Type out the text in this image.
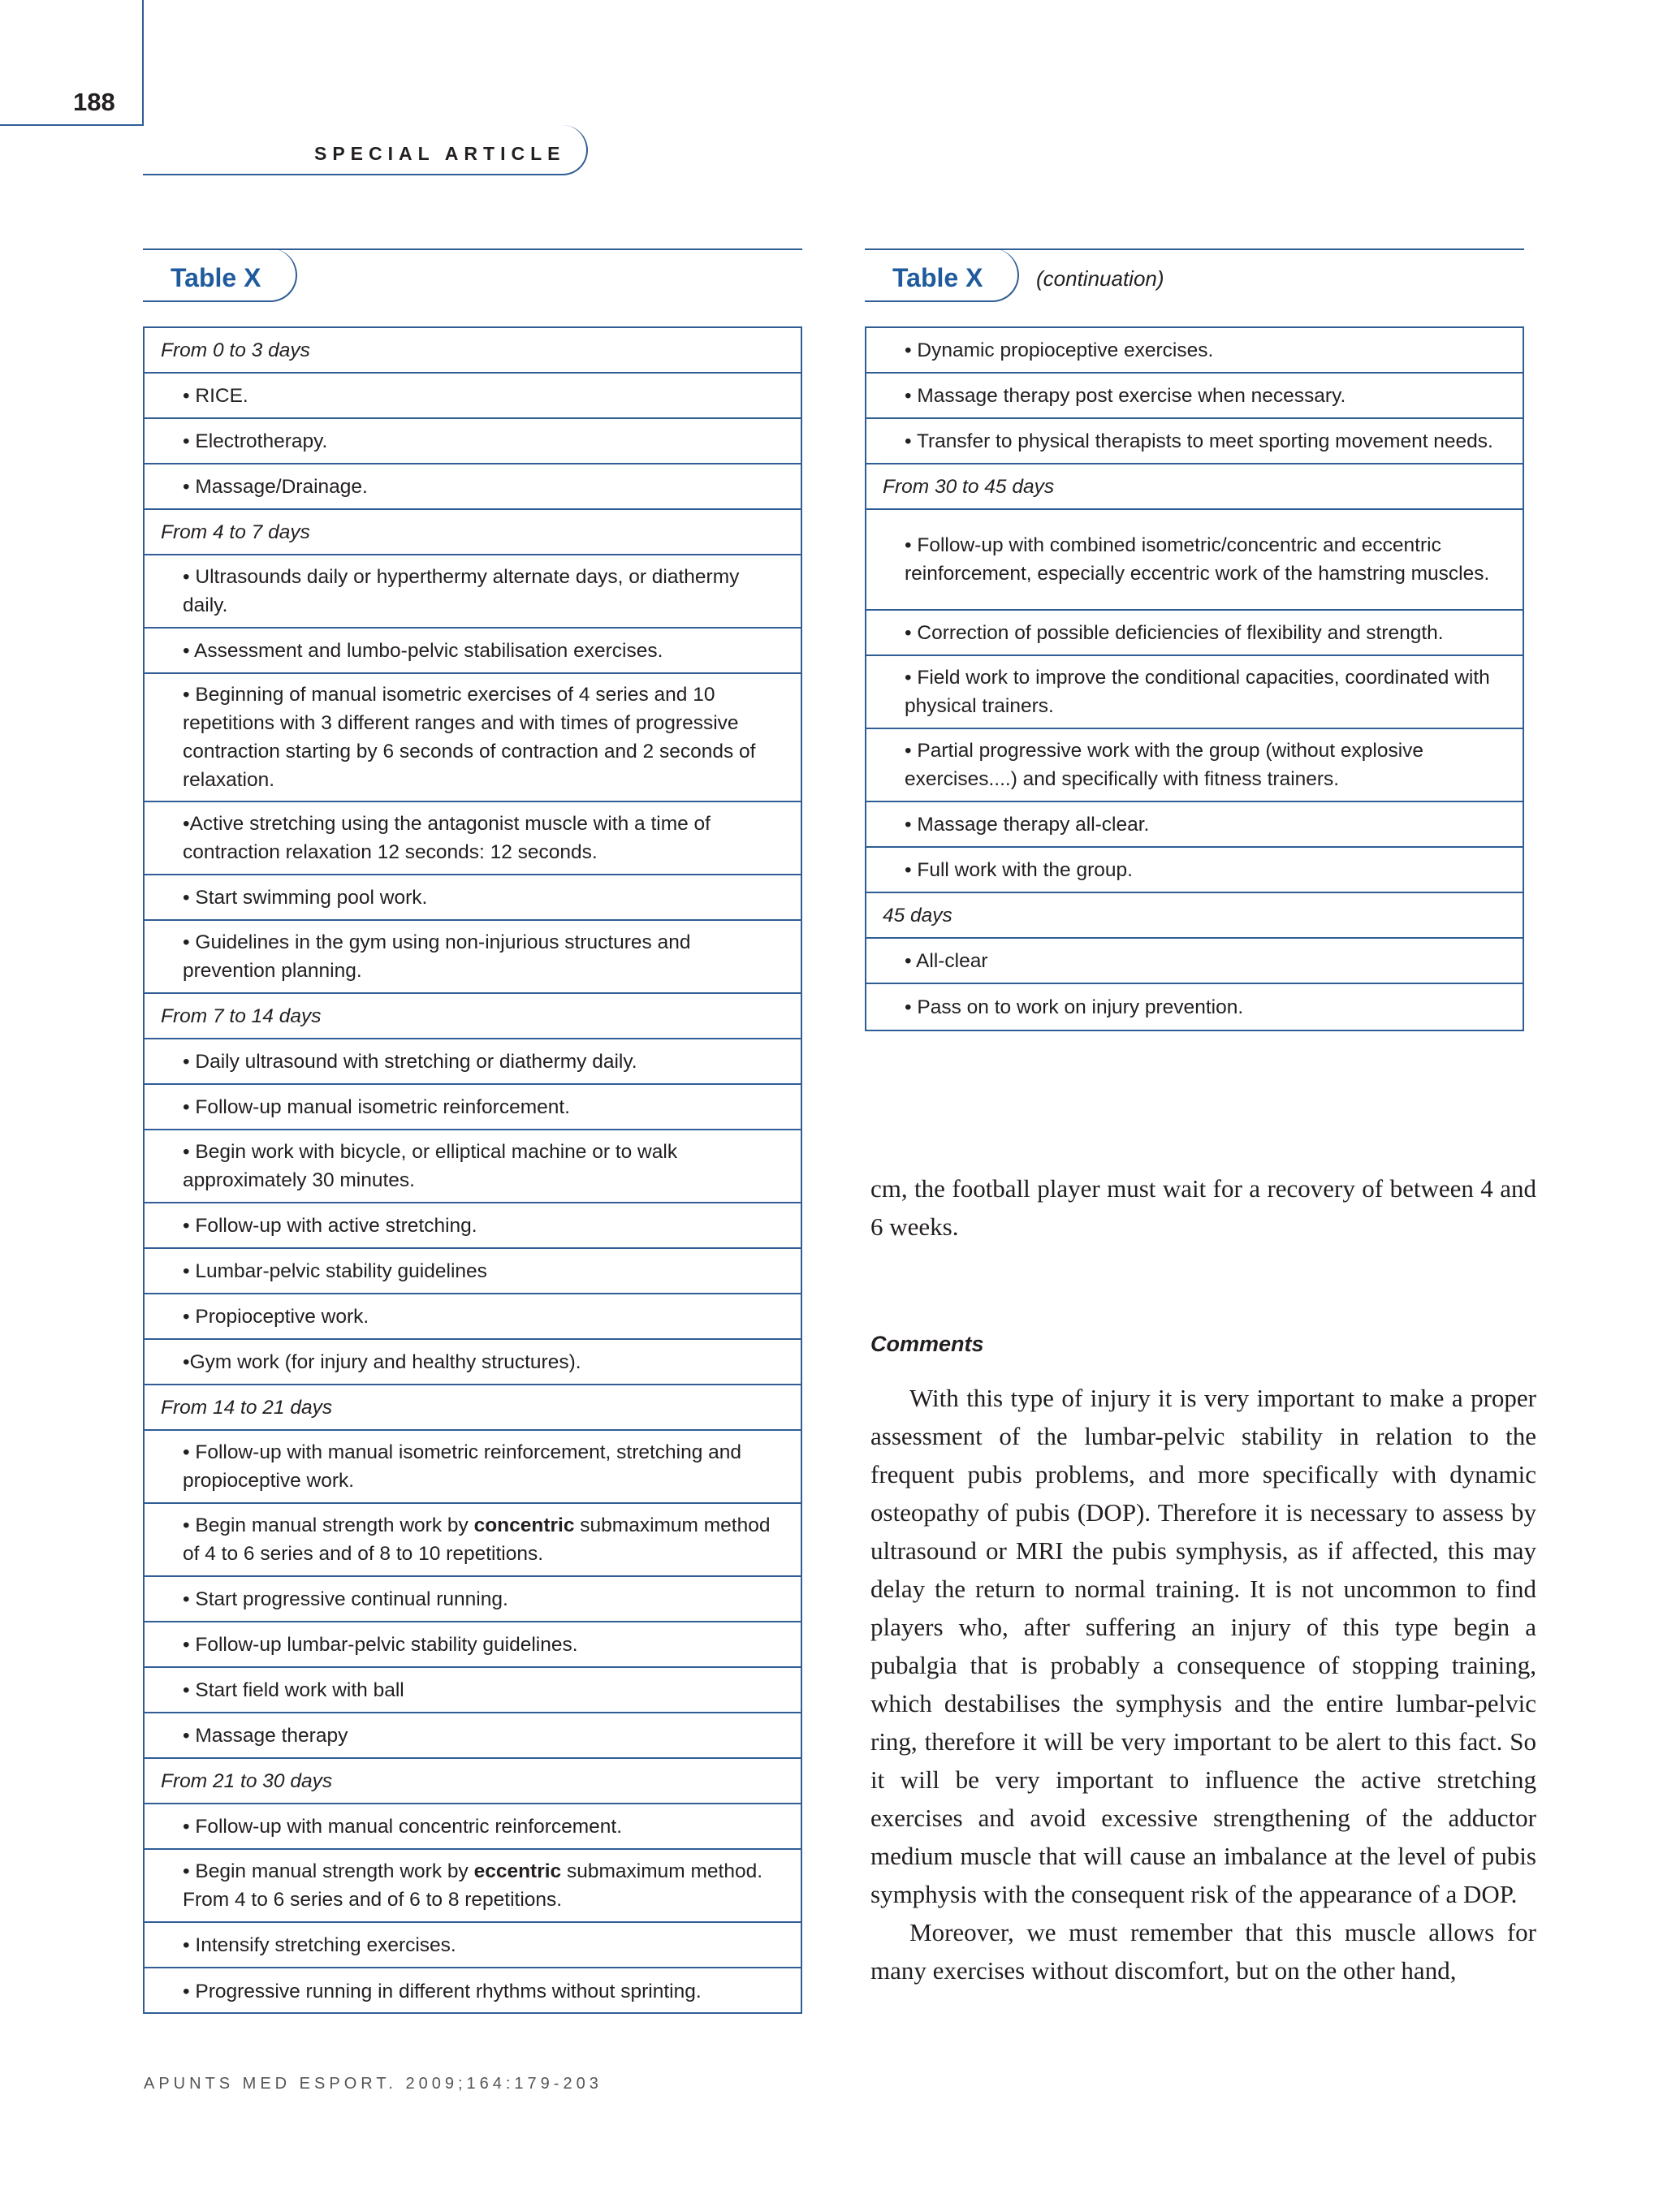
188
SPECIAL ARTICLE
Table X	Table X	(continuation)
From 0 to 3 days
• RICE.
• Electrotherapy.
• Massage/Drainage.
From 4 to 7 days
• Ultrasounds daily or hyperthermy alternate days, or diathermy daily.
• Assessment and lumbo-pelvic stabilisation exercises.
• Beginning of manual isometric exercises of 4 series and 10 repetitions with 3 different ranges and with times of progressive contraction starting by 6 seconds of contraction and 2 seconds of relaxation.
•Active stretching using the antagonist muscle with a time of contraction relaxation 12 seconds: 12 seconds.
• Start swimming pool work.
• Guidelines in the gym using non-injurious structures and prevention planning.
From 7 to 14 days
• Daily ultrasound with stretching or diathermy daily.
• Follow-up manual isometric reinforcement.
• Begin work with bicycle, or elliptical machine or to walk approximately 30 minutes.
• Follow-up with active stretching.
• Lumbar-pelvic stability guidelines
• Propioceptive work.
•Gym work (for injury and healthy structures).
From 14 to 21 days
• Follow-up with manual isometric reinforcement, stretching and propioceptive work.
• Begin manual strength work by concentric submaximum method of 4 to 6 series and of 8 to 10 repetitions.
• Start progressive continual running.
• Follow-up lumbar-pelvic stability guidelines.
• Start field work with ball
• Massage therapy
From 21 to 30 days
• Follow-up with manual concentric reinforcement.
• Begin manual strength work by eccentric submaximum method. From 4 to 6 series and of 6 to 8 repetitions.
• Intensify stretching exercises.
• Progressive running in different rhythms without sprinting.
• Dynamic propioceptive exercises.
• Massage therapy post exercise when necessary.
• Transfer to physical therapists to meet sporting movement needs.
From 30 to 45 days
• Follow-up with combined isometric/concentric and eccentric reinforcement, especially eccentric work of the hamstring muscles.
• Correction of possible deficiencies of flexibility and strength.
• Field work to improve the conditional capacities, coordinated with physical trainers.
• Partial progressive work with the group (without explosive exercises....) and specifically with fitness trainers.
• Massage therapy all-clear.
• Full work with the group.
45 days
• All-clear
• Pass on to work on injury prevention.

cm, the football player must wait for a recovery of between 4 and 6 weeks.

Comments

With this type of injury it is very important to make a proper assessment of the lumbar-pelvic stability in relation to the frequent pubis problems, and more specifically with dynamic osteopathy of pubis (DOP). Therefore it is necessary to assess by ultrasound or MRI the pubis symphysis, as if affected, this may delay the return to normal training. It is not uncommon to find players who, after suffering an injury of this type begin a pubalgia that is probably a consequence of stopping training, which destabilises the symphysis and the entire lumbar-pelvic ring, therefore it will be very important to be alert to this fact. So it will be very important to influence the active stretching exercises and avoid excessive strengthening of the adductor medium muscle that will cause an imbalance at the level of pubis symphysis with the consequent risk of the appearance of a DOP.

Moreover, we must remember that this muscle allows for many exercises without discomfort, but on the other hand,

APUNTS MED ESPORT. 2009;164:179-203
